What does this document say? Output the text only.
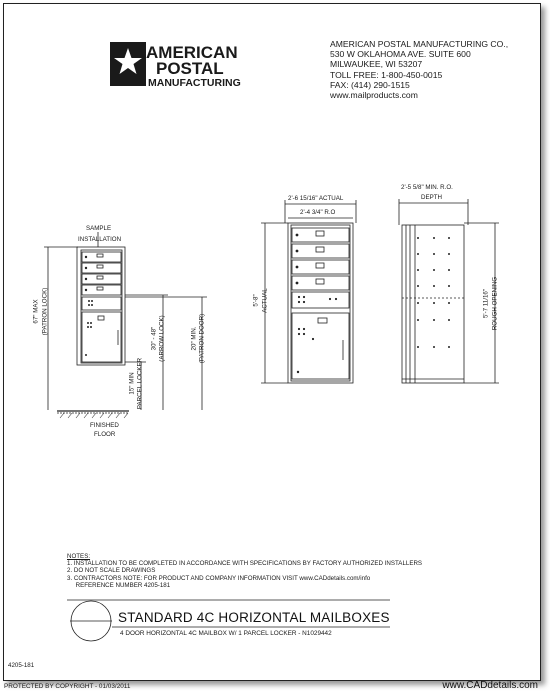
AMERICAN
POSTAL
MANUFACTURING
AMERICAN POSTAL MANUFACTURING CO.,
530 W OKLAHOMA AVE. SUITE 600
MILWAUKEE, WI 53207
TOLL FREE: 1-800-450-0015
FAX: (414) 290-1515
www.mailproducts.com
SAMPLE
INSTALLATION
67" MAX (PATRON LOCK)
30" - 48" (ARROW LOCK)
15" MIN PARCEL LOCKER
20" MIN. (PATRON DOOR)
FINISHED
FLOOR
2'-6 15/16" ACTUAL
2'-4 3/4" R.O
5'-8" ACTUAL
2'-5 5/8" MIN. R.O.
DEPTH
5'-7 11/16" ROUGH OPENING
NOTES:
1. INSTALLATION TO BE COMPLETED IN ACCORDANCE WITH SPECIFICATIONS BY FACTORY AUTHORIZED INSTALLERS
2. DO NOT SCALE DRAWINGS
3. CONTRACTORS NOTE: FOR PRODUCT AND COMPANY INFORMATION VISIT www.CADdetails.com/info
REFERENCE NUMBER 4205-181
STANDARD 4C HORIZONTAL MAILBOXES
4 DOOR HORIZONTAL 4C MAILBOX W/ 1 PARCEL LOCKER - N1029442
4205-181
PROTECTED BY COPYRIGHT - 01/03/2011	www.CADdetails.com
